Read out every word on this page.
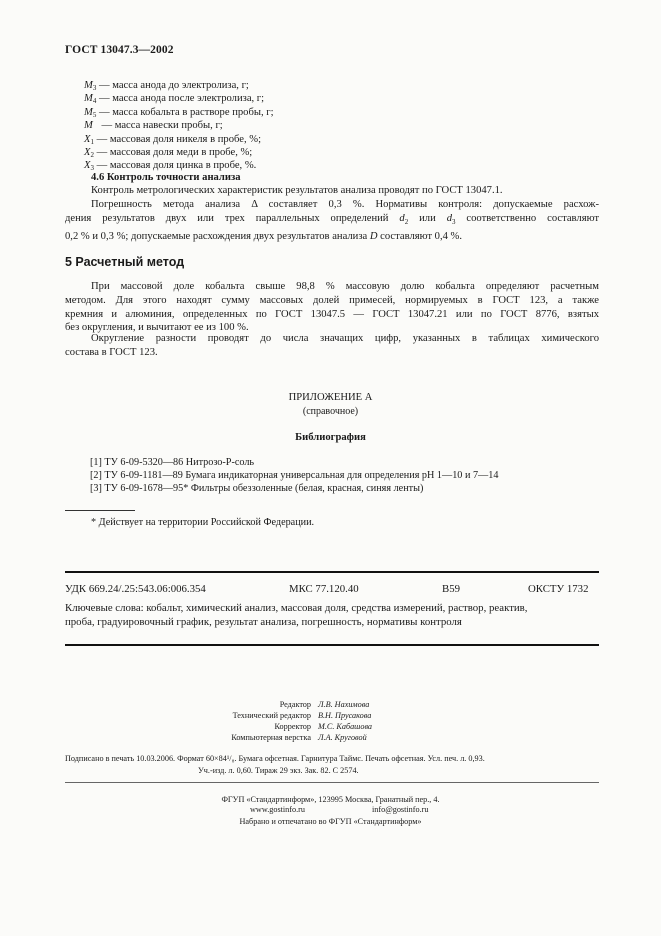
ГОСТ 13047.3—2002
$M_3$ — масса анода до электролиза, г;
$M_4$ — масса анода после электролиза, г;
$M_5$ — масса кобальта в растворе пробы, г;
M — масса навески пробы, г;
$X_1$ — массовая доля никеля в пробе, %;
$X_2$ — массовая доля меди в пробе, %;
$X_3$ — массовая доля цинка в пробе, %.
4.6 Контроль точности анализа
Контроль метрологических характеристик результатов анализа проводят по ГОСТ 13047.1.
Погрешность метода анализа Δ составляет 0,3 %. Нормативы контроля: допускаемые расхож-
дения результатов двух или трех параллельных определений $d_2$ или $d_3$ соответственно составляют
0,2 % и 0,3 %; допускаемые расхождения двух результатов анализа D составляют 0,4 %.
5 Расчетный метод
При массовой доле кобальта свыше 98,8 % массовую долю кобальта определяют расчетным
методом. Для этого находят сумму массовых долей примесей, нормируемых в ГОСТ 123, а также
кремния и алюминия, определенных по ГОСТ 13047.5 — ГОСТ 13047.21 или по ГОСТ 8776, взятых
без округления, и вычитают ее из 100 %.
Округление разности проводят до числа значащих цифр, указанных в таблицах химического
состава в ГОСТ 123.
ПРИЛОЖЕНИЕ А
(справочное)
Библиография
[1] ТУ 6-09-5320—86 Нитрозо-Р-соль
[2] ТУ 6-09-1181—89 Бумага индикаторная универсальная для определения рН 1—10 и 7—14
[3] ТУ 6-09-1678—95* Фильтры обеззоленные (белая, красная, синяя ленты)
* Действует на территории Российской Федерации.
УДК 669.24/.25:543.06:006.354	МКС 77.120.40	В59	ОКСТУ 1732
Ключевые слова: кобальт, химический анализ, массовая доля, средства измерений, раствор, реактив,
проба, градуировочный график, результат анализа, погрешность, нормативы контроля
Редактор Л.В. Нахимова
Технический редактор В.Н. Прусакова
Корректор М.С. Кабашова
Компьютерная верстка Л.А. Круговой
Подписано в печать 10.03.2006. Формат 60×84¹/₈. Бумага офсетная. Гарнитура Таймс. Печать офсетная. Усл. печ. л. 0,93.
Уч.-изд. л. 0,60. Тираж 29 экз. Зак. 82. С 2574.
ФГУП «Стандартинформ», 123995 Москва, Гранатный пер., 4.
www.gostinfo.ru	info@gostinfo.ru
Набрано и отпечатано во ФГУП «Стандартинформ»
